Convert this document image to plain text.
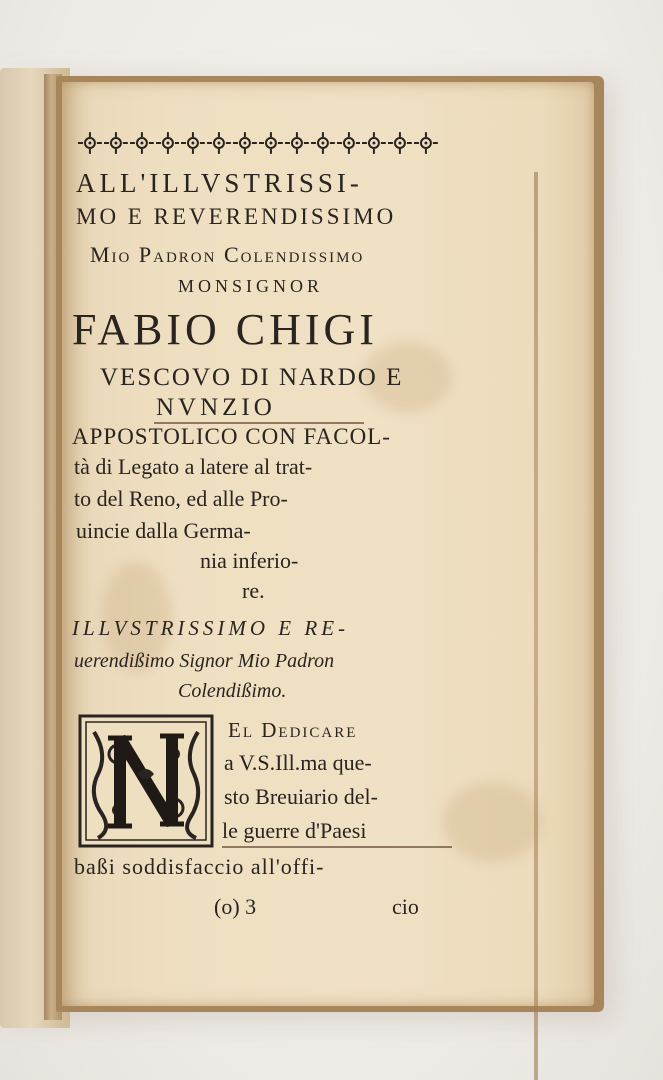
ALL'ILLVSTRISSI-
MO E REVERENDISSIMO
Mio Padron Colendissimo
MONSIGNOR
FABIO CHIGI
VESCOVO DI NARDO E
NVNZIO
APPOSTOLICO CON FACOL-
tà di Legato a latere al trat-
to del Reno, ed alle Pro-
uincie dalla Germa-
nia inferio-
re.
ILLVSTRISSIMO E RE-
uerendißimo Signor Mio Padron
Colendißimo.
El Dedicare
a V.S.Ill.ma que-
sto Breuiario del-
le guerre d'Paesi
baßi soddisfaccio all'offi-
(o) 3	cio
